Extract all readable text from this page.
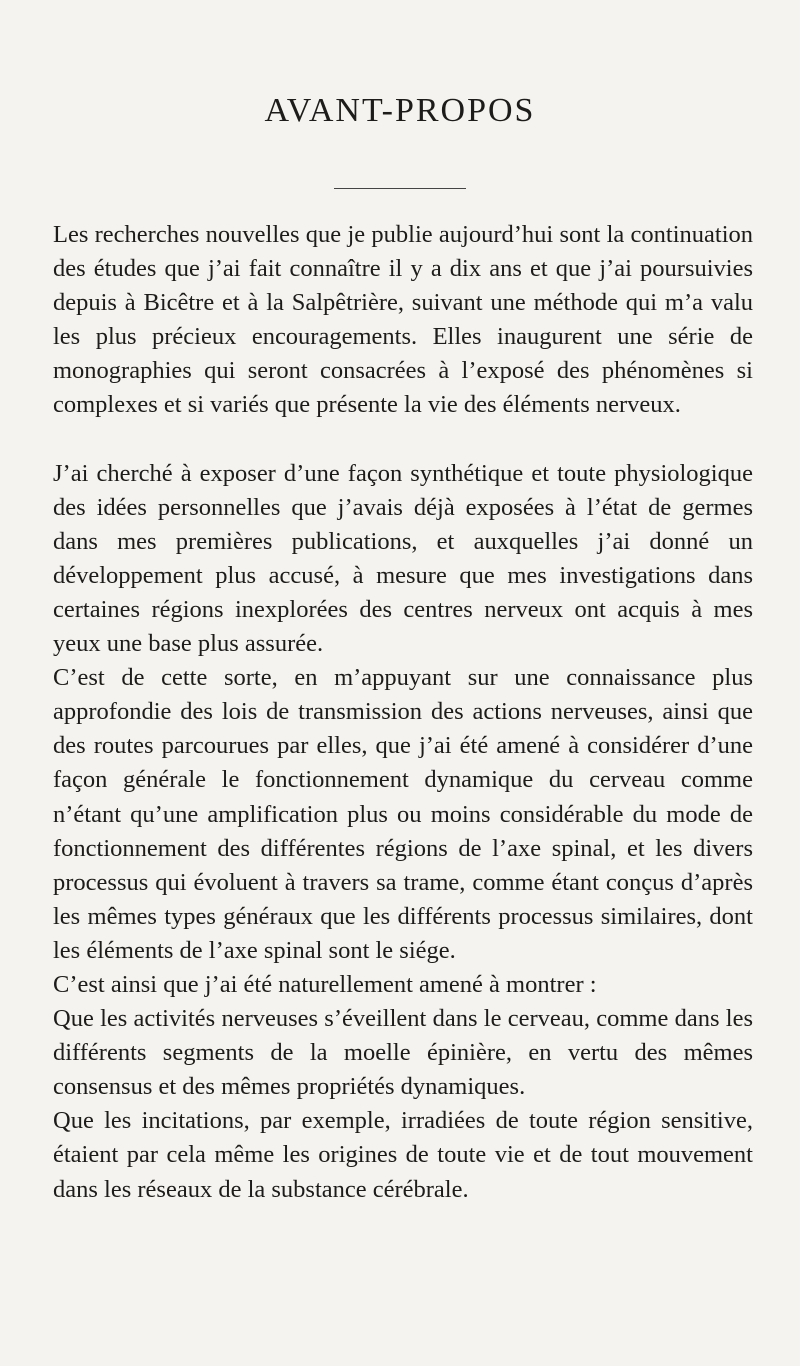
AVANT-PROPOS

Les recherches nouvelles que je publie aujourd’hui sont la continuation des études que j’ai fait connaître il y a dix ans et que j’ai poursuivies depuis à Bicêtre et à la Salpêtrière, suivant une méthode qui m’a valu les plus précieux encouragements. Elles inaugurent une série de monographies qui seront consacrées à l’exposé des phénomènes si complexes et si variés que présente la vie des éléments nerveux.

J’ai cherché à exposer d’une façon synthétique et toute physiologique des idées personnelles que j’avais déjà exposées à l’état de germes dans mes premières publications, et auxquelles j’ai donné un développement plus accusé, à mesure que mes investigations dans certaines régions inexplorées des centres nerveux ont acquis à mes yeux une base plus assurée.

C’est de cette sorte, en m’appuyant sur une connaissance plus approfondie des lois de transmission des actions nerveuses, ainsi que des routes parcourues par elles, que j’ai été amené à considérer d’une façon générale le fonctionnement dynamique du cerveau comme n’étant qu’une amplification plus ou moins considérable du mode de fonctionnement des différentes régions de l’axe spinal, et les divers processus qui évoluent à travers sa trame, comme étant conçus d’après les mêmes types généraux que les différents processus similaires, dont les éléments de l’axe spinal sont le siége.

C’est ainsi que j’ai été naturellement amené à montrer :

Que les activités nerveuses s’éveillent dans le cerveau, comme dans les différents segments de la moelle épinière, en vertu des mêmes consensus et des mêmes propriétés dynamiques.

Que les incitations, par exemple, irradiées de toute région sensitive, étaient par cela même les origines de toute vie et de tout mouvement dans les réseaux de la substance cérébrale.
